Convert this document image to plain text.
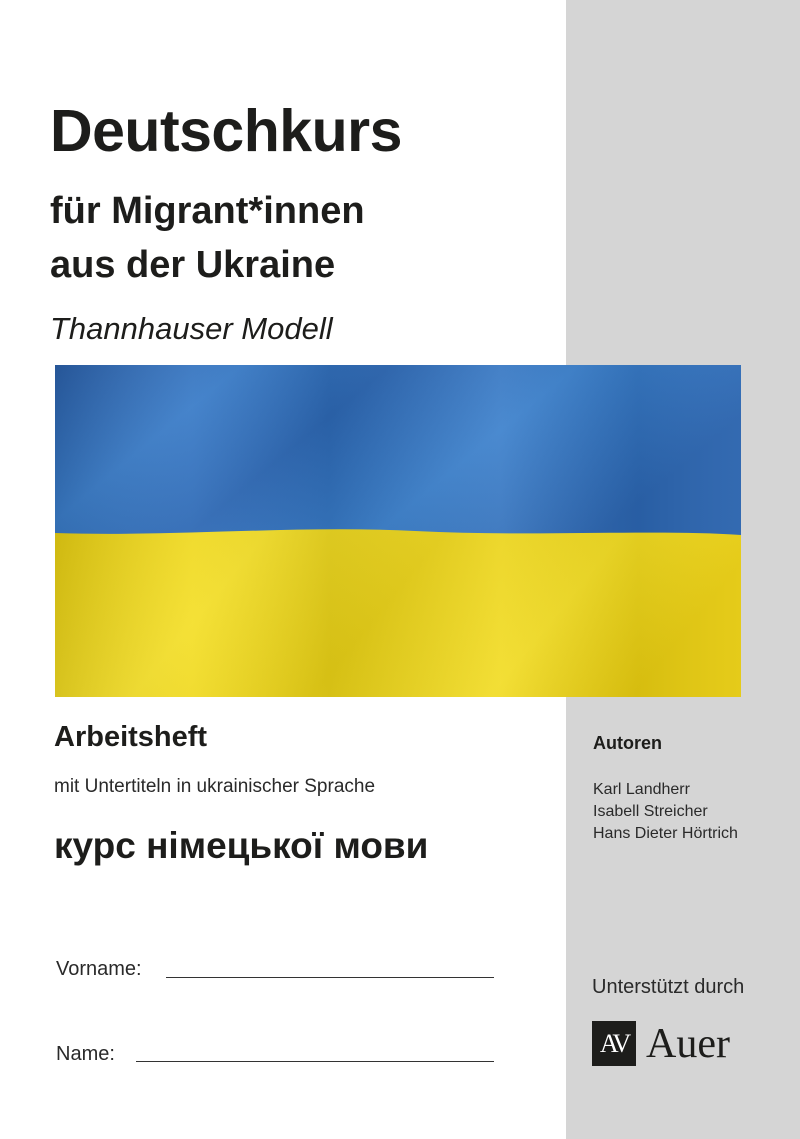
Deutschkurs
für Migrant*innen
aus der Ukraine
Thannhauser Modell
Arbeitsheft
mit Untertiteln in ukrainischer Sprache
курс німецької мови
Vorname:
Name:
Autoren
Karl Landherr
Isabell Streicher
Hans Dieter Hörtrich
Unterstützt durch
AV Auer
